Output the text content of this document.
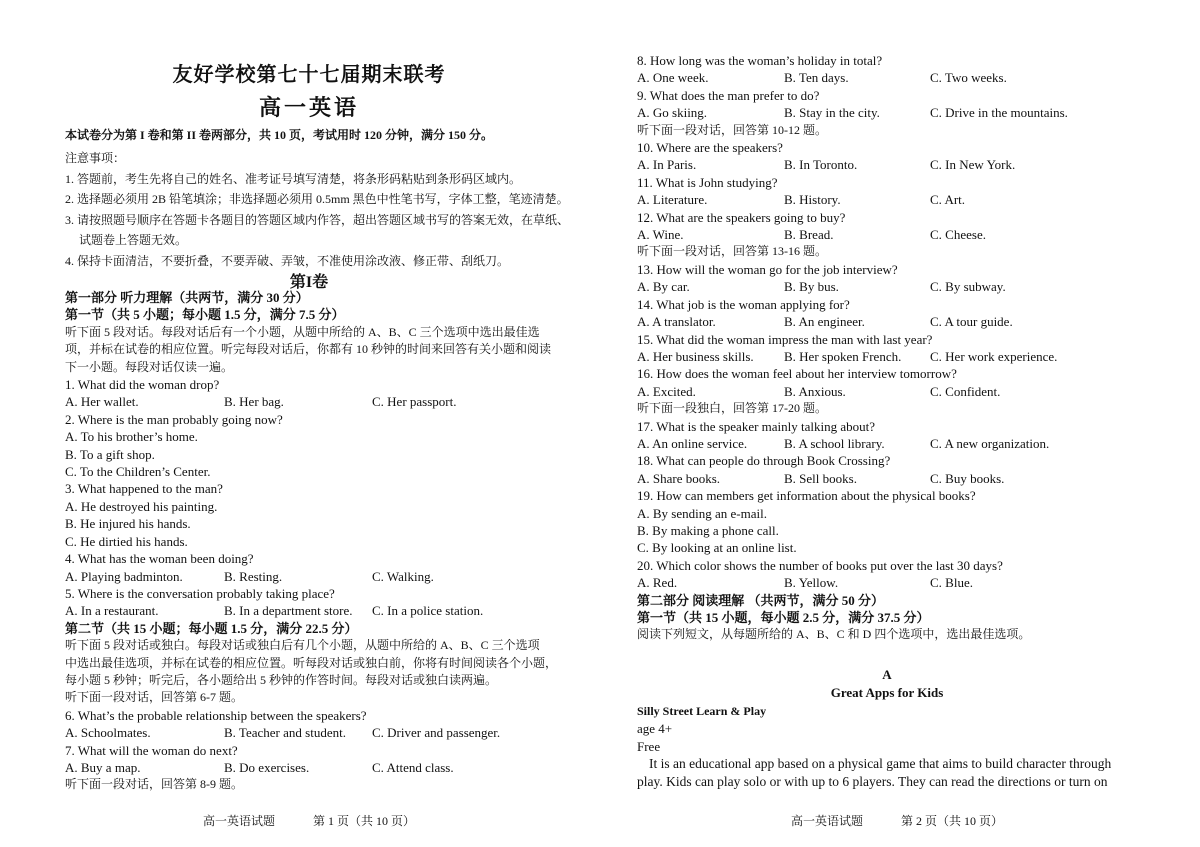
友好学校第七十七届期末联考
高一英语
本试卷分为第 I 卷和第 II 卷两部分，共 10 页，考试用时 120 分钟，满分 150 分。
注意事项：
1. 答题前，考生先将自己的姓名、准考证号填写清楚，将条形码粘贴到条形码区域内。
2. 选择题必须用 2B 铅笔填涂；非选择题必须用 0.5mm 黑色中性笔书写，字体工整，笔迹清楚。
3. 请按照题号顺序在答题卡各题目的答题区域内作答，超出答题区域书写的答案无效，在草纸、
试题卷上答题无效。
4. 保持卡面清洁，不要折叠，不要弄破、弄皱，不准使用涂改液、修正带、刮纸刀。
第I卷
第一部分 听力理解（共两节，满分 30 分）
第一节（共 5 小题；每小题 1.5 分，满分 7.5 分）
听下面 5 段对话。每段对话后有一个小题，从题中所给的 A、B、C 三个选项中选出最佳选
项，并标在试卷的相应位置。听完每段对话后，你都有 10 秒钟的时间来回答有关小题和阅读
下一小题。每段对话仅读一遍。
1. What did the woman drop?
A. Her wallet.	B. Her bag.	C. Her passport.
2. Where is the man probably going now?
A. To his brother’s home.
B. To a gift shop.
C. To the Children’s Center.
3. What happened to the man?
A. He destroyed his painting.
B. He injured his hands.
C. He dirtied his hands.
4. What has the woman been doing?
A. Playing badminton.	B. Resting.	C. Walking.
5. Where is the conversation probably taking place?
A. In a restaurant.	B. In a department store.	C. In a police station.
第二节（共 15 小题；每小题 1.5 分，满分 22.5 分）
听下面 5 段对话或独白。每段对话或独白后有几个小题，从题中所给的 A、B、C 三个选项
中选出最佳选项，并标在试卷的相应位置。听每段对话或独白前，你将有时间阅读各个小题，
每小题 5 秒钟；听完后，各小题给出 5 秒钟的作答时间。每段对话或独白读两遍。
听下面一段对话，回答第 6-7 题。
6. What’s the probable relationship between the speakers?
A. Schoolmates.	B. Teacher and student.	C. Driver and passenger.
7. What will the woman do next?
A. Buy a map.	B. Do exercises.	C. Attend class.
听下面一段对话，回答第 8-9 题。
高一英语试题	第 1 页（共 10 页）
8. How long was the woman’s holiday in total?
A. One week.	B. Ten days.	C. Two weeks.
9. What does the man prefer to do?
A. Go skiing.	B. Stay in the city.	C. Drive in the mountains.
听下面一段对话，回答第 10-12 题。
10. Where are the speakers?
A. In Paris.	B. In Toronto.	C. In New York.
11. What is John studying?
A. Literature.	B. History.	C. Art.
12. What are the speakers going to buy?
A. Wine.	B. Bread.	C. Cheese.
听下面一段对话，回答第 13-16 题。
13. How will the woman go for the job interview?
A. By car.	B. By bus.	C. By subway.
14. What job is the woman applying for?
A. A translator.	B. An engineer.	C. A tour guide.
15. What did the woman impress the man with last year?
A. Her business skills.	B. Her spoken French.	C. Her work experience.
16. How does the woman feel about her interview tomorrow?
A. Excited.	B. Anxious.	C. Confident.
听下面一段独白，回答第 17-20 题。
17. What is the speaker mainly talking about?
A. An online service.	B. A school library.	C. A new organization.
18. What can people do through Book Crossing?
A. Share books.	B. Sell books.	C. Buy books.
19. How can members get information about the physical books?
A. By sending an e-mail.
B. By making a phone call.
C. By looking at an online list.
20. Which color shows the number of books put over the last 30 days?
A. Red.	B. Yellow.	C. Blue.
第二部分 阅读理解 （共两节，满分 50 分）
第一节（共 15 小题，每小题 2.5 分，满分 37.5 分）
阅读下列短文，从每题所给的 A、B、C 和 D 四个选项中，选出最佳选项。
A
Great Apps for Kids
Silly Street Learn & Play
age 4+
Free
It is an educational app based on a physical game that aims to build character through
play. Kids can play solo or with up to 6 players. They can read the directions or turn on
高一英语试题	第 2 页（共 10 页）
